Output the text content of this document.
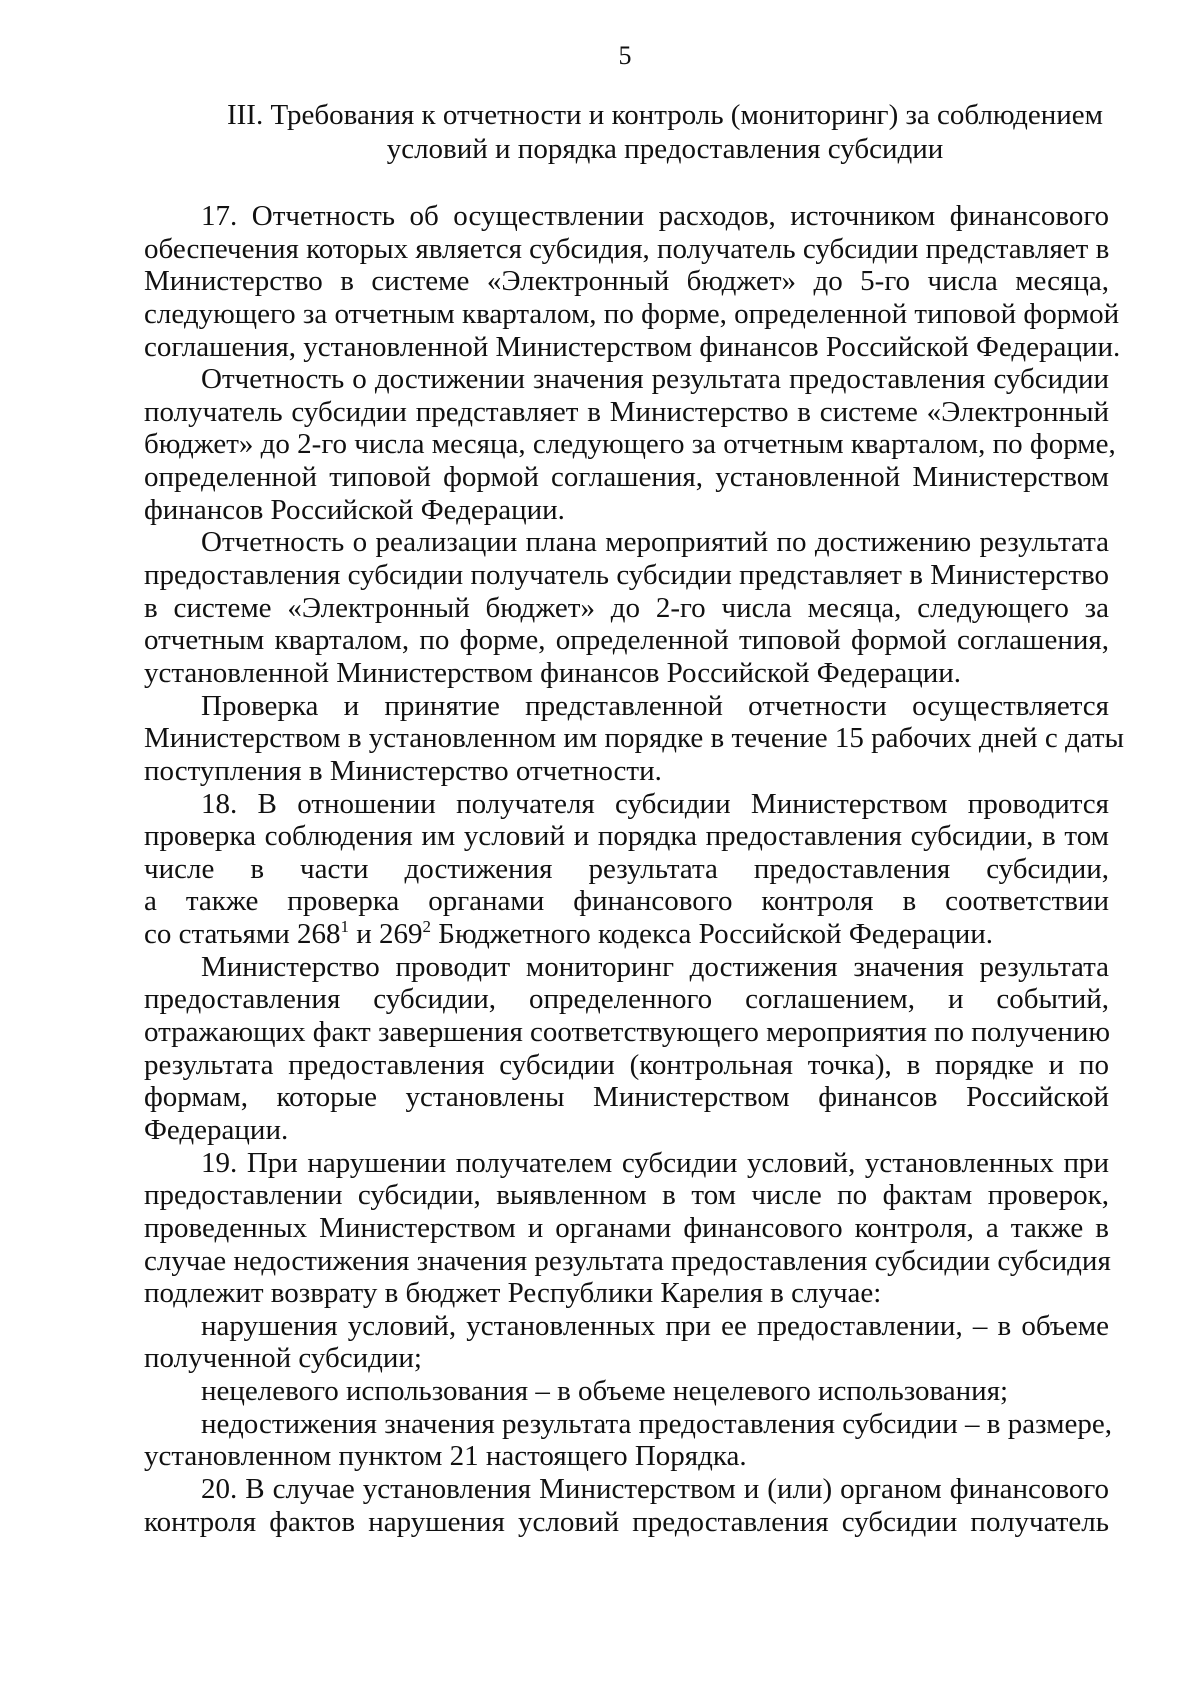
5
III. Требования к отчетности и контроль (мониторинг) за соблюдением
условий и порядка предоставления субсидии
17. Отчетность об осуществлении расходов, источником финансового
обеспечения которых является субсидия, получатель субсидии представляет в
Министерство в системе «Электронный бюджет» до 5-го числа месяца,
следующего за отчетным кварталом, по форме, определенной типовой формой
соглашения, установленной Министерством финансов Российской Федерации.
Отчетность о достижении значения результата предоставления субсидии
получатель субсидии представляет в Министерство в системе «Электронный
бюджет» до 2-го числа месяца, следующего за отчетным кварталом, по форме,
определенной типовой формой соглашения, установленной Министерством
финансов Российской Федерации.
Отчетность о реализации плана мероприятий по достижению результата
предоставления субсидии получатель субсидии представляет в Министерство
в системе «Электронный бюджет» до 2-го числа месяца, следующего за
отчетным кварталом, по форме, определенной типовой формой соглашения,
установленной Министерством финансов Российской Федерации.
Проверка и принятие представленной отчетности осуществляется
Министерством в установленном им порядке в течение 15 рабочих дней с даты
поступления в Министерство отчетности.
18. В отношении получателя субсидии Министерством проводится
проверка соблюдения им условий и порядка предоставления субсидии, в том
числе в части достижения результата предоставления субсидии,
а также проверка органами финансового контроля в соответствии
со статьями $268^1$ и $269^2$ Бюджетного кодекса Российской Федерации.
Министерство проводит мониторинг достижения значения результата
предоставления субсидии, определенного соглашением, и событий,
отражающих факт завершения соответствующего мероприятия по получению
результата предоставления субсидии (контрольная точка), в порядке и по
формам, которые установлены Министерством финансов Российской
Федерации.
19. При нарушении получателем субсидии условий, установленных при
предоставлении субсидии, выявленном в том числе по фактам проверок,
проведенных Министерством и органами финансового контроля, а также в
случае недостижения значения результата предоставления субсидии субсидия
подлежит возврату в бюджет Республики Карелия в случае:
нарушения условий, установленных при ее предоставлении, – в объеме
полученной субсидии;
нецелевого использования – в объеме нецелевого использования;
недостижения значения результата предоставления субсидии – в размере,
установленном пунктом 21 настоящего Порядка.
20. В случае установления Министерством и (или) органом финансового
контроля фактов нарушения условий предоставления субсидии получатель
